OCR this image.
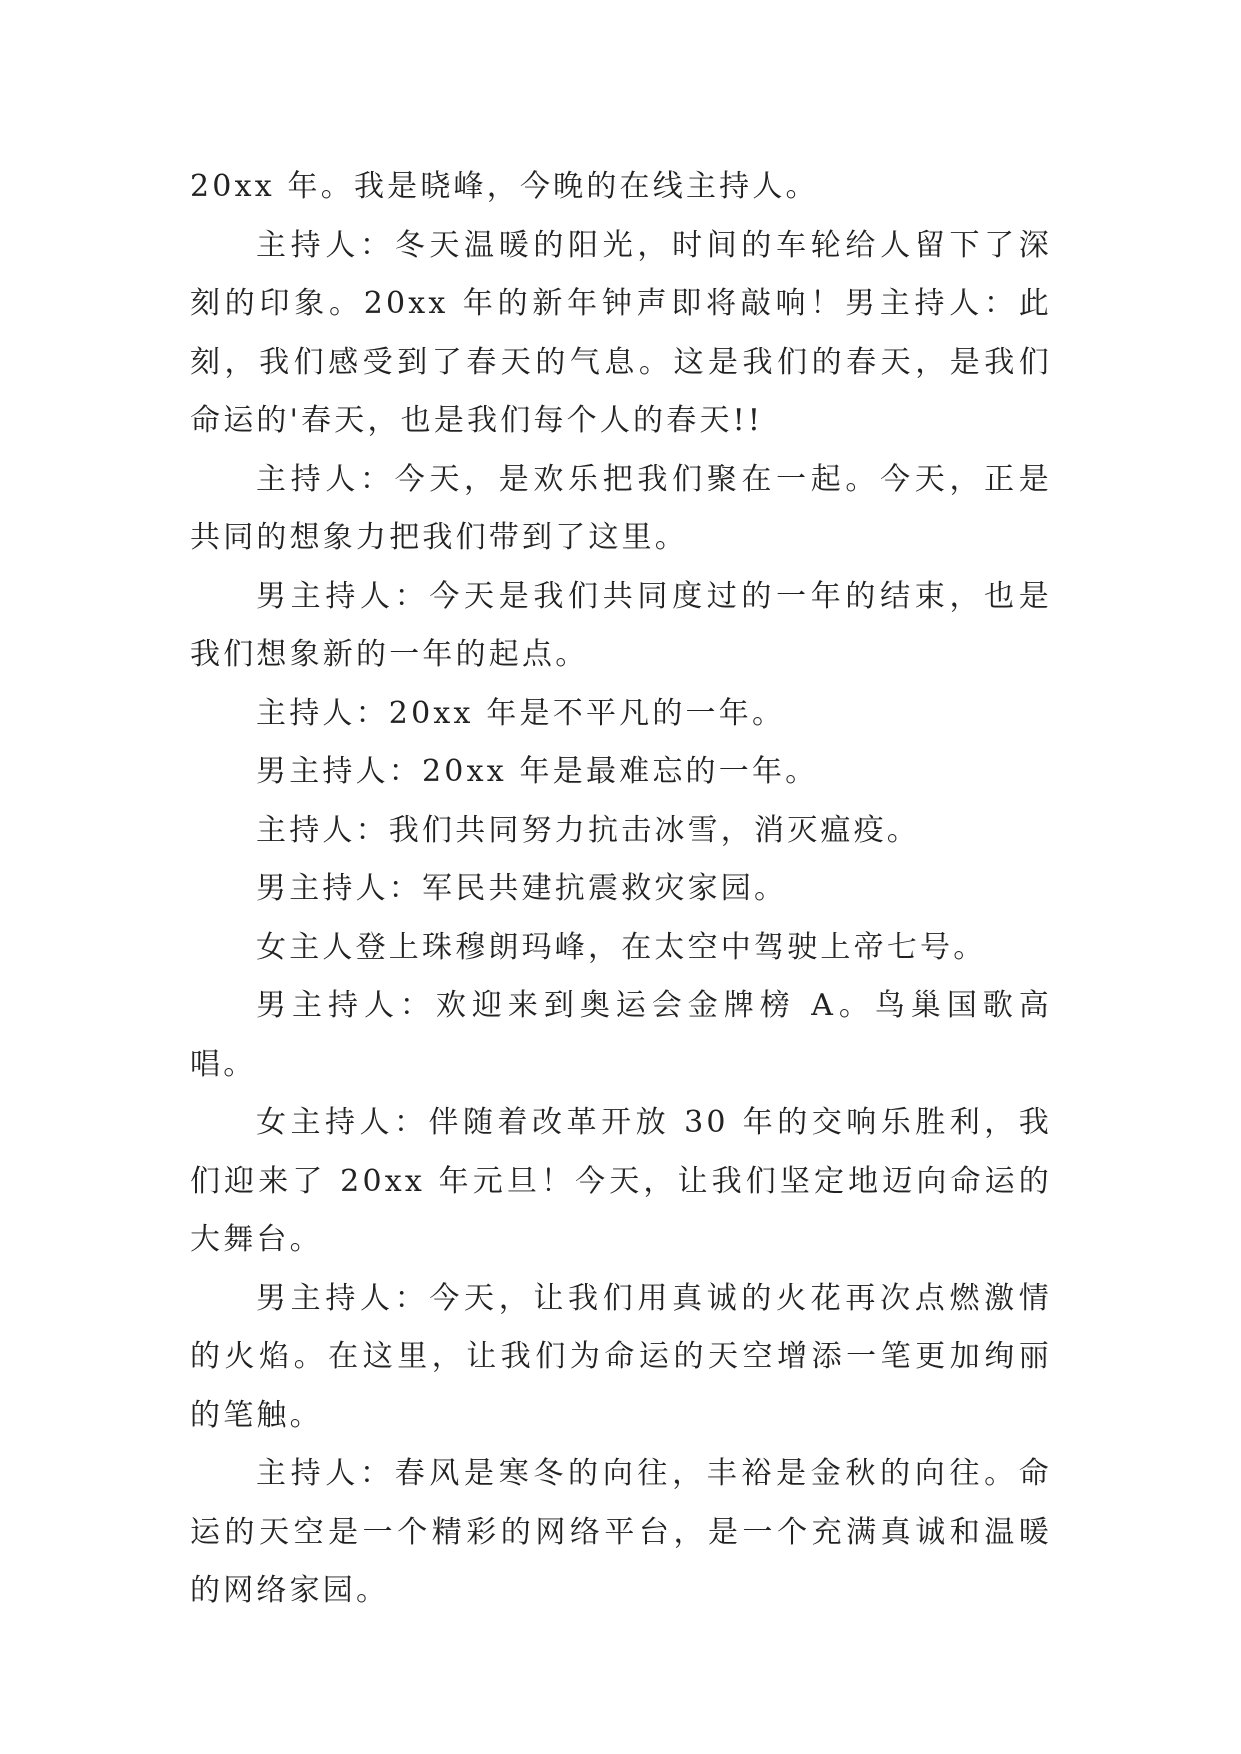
20xx 年。我是晓峰，今晚的在线主持人。

主持人：冬天温暖的阳光，时间的车轮给人留下了深刻的印象。20xx 年的新年钟声即将敲响！男主持人：此刻，我们感受到了春天的气息。这是我们的春天，是我们命运的'春天，也是我们每个人的春天!!

主持人：今天，是欢乐把我们聚在一起。今天，正是共同的想象力把我们带到了这里。

男主持人：今天是我们共同度过的一年的结束，也是我们想象新的一年的起点。

主持人：20xx 年是不平凡的一年。

男主持人：20xx 年是最难忘的一年。

主持人：我们共同努力抗击冰雪，消灭瘟疫。

男主持人：军民共建抗震救灾家园。

女主人登上珠穆朗玛峰，在太空中驾驶上帝七号。

男主持人：欢迎来到奥运会金牌榜 A。鸟巢国歌高唱。

女主持人：伴随着改革开放 30 年的交响乐胜利，我们迎来了 20xx 年元旦！今天，让我们坚定地迈向命运的大舞台。

男主持人：今天，让我们用真诚的火花再次点燃激情的火焰。在这里，让我们为命运的天空增添一笔更加绚丽的笔触。

主持人：春风是寒冬的向往，丰裕是金秋的向往。命运的天空是一个精彩的网络平台，是一个充满真诚和温暖的网络家园。
